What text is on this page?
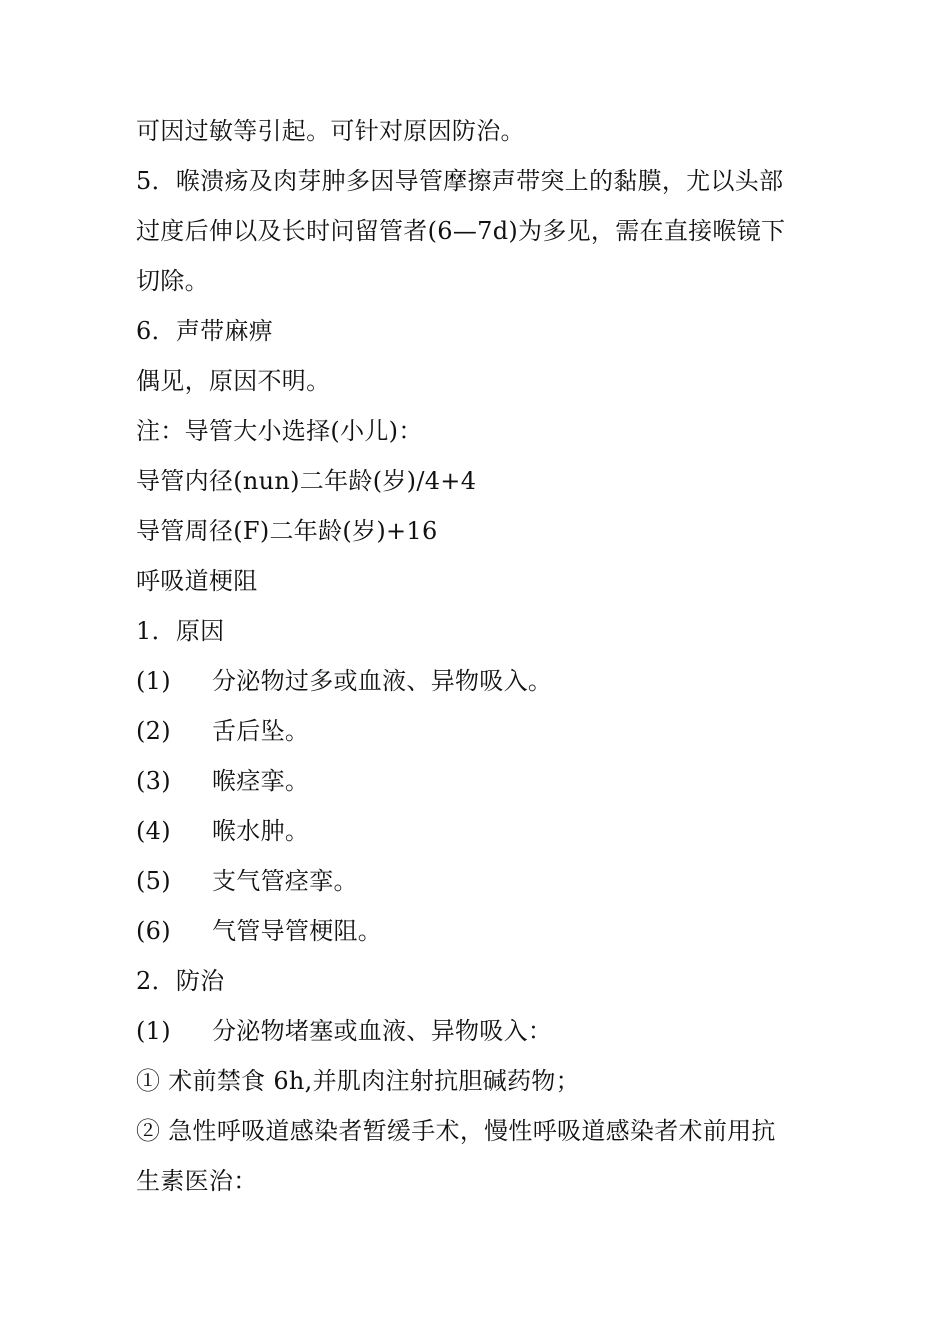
可因过敏等引起。可针对原因防治。
5．喉溃疡及肉芽肿多因导管摩擦声带突上的黏膜，尤以头部
过度后伸以及长时问留管者(6—7d)为多见，需在直接喉镜下
切除。
6．声带麻痹
偶见，原因不明。
注：导管大小选择(小儿)：
导管内径(nun)二年龄(岁)/4+4
导管周径(F)二年龄(岁)+16
呼吸道梗阻
1．原因
(1)	分泌物过多或血液、异物吸入。
(2)	舌后坠。
(3)	喉痉挛。
(4)	喉水肿。
(5)	支气管痉挛。
(6)	气管导管梗阻。
2．防治
(1)	分泌物堵塞或血液、异物吸入：
① 术前禁食 6h,并肌肉注射抗胆碱药物；
② 急性呼吸道感染者暂缓手术，慢性呼吸道感染者术前用抗
生素医治：
